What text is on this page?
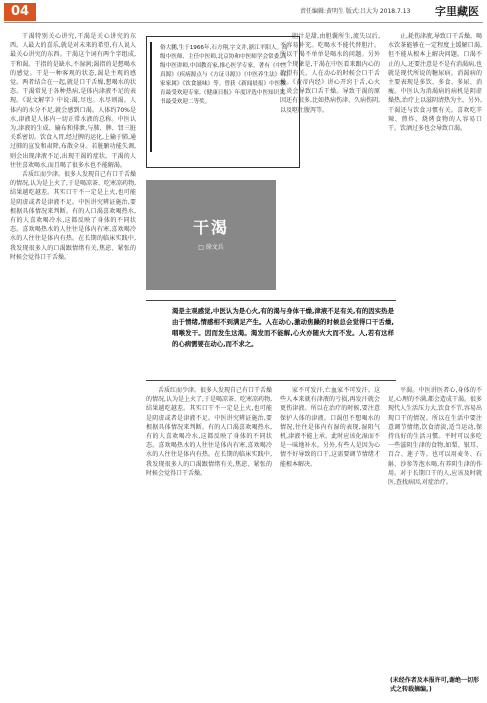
04	责任编辑:黄明生 版式:吕大为 2018.7.13 字里藏医

干渴特别关心讲究,干渴是关心讲究的东西。人最大的喜乐,就是对未来的希望,有人说人最关心讲究的东西。干渴这个词有两个字组成,干和渴。干指的是缺水,不湿润;渴指的是想喝水的感觉。干是一种客观的状态,渴是主观的感觉。两者结合在一起,就是口干舌燥,想喝水的状态。干渴常见于各种热病,是体内津液不足的表现。《说文解字》中说:渴,尽也。水尽则渴。人体内的水分不足,就会感到口渴。人体约70%是水,津液是人体内一切正常水液的总称。中医认为,津液的生成、输布和排泄,与肺、脾、肾三脏关系密切。饮食入胃,经过脾的运化,上输于肺,通过肺的宣发和肃降,布散全身。若脏腑功能失调,则会出现津液不足,出现干渴的症状。干渴的人往往喜欢喝水,而且喝了很多水也不能解渴。

舌质红而少津。很多人发现自己有口干舌燥的情况,认为是上火了,于是喝凉茶、吃寒凉药物,结果越吃越差。其实口干不一定是上火,也可能是阴虚或者是津液不足。中医讲究辨证施治,要根据具体情况来判断。有的人口渴喜欢喝热水,有的人喜欢喝冷水,这都反映了身体的不同状态。喜欢喝热水的人往往是体内有寒,喜欢喝冷水的人往往是体内有热。在长期的临床实践中,我发现很多人的口渴跟情绪有关,焦虑、紧张的时候会觉得口干舌燥。

俗大鹏,生于1966年,石方翔,字文井,浙江平阳人。高级中医师、主任中医师,北京协和中医师学会常委,高级中医讲师,中国教育家,推心医学专家。著有《中医真源》《疾病源点与《方证寻源》》《中医养生法》《百家家属》《饮食滋味》等。曾获《新闻晨报》中医教育最受欢迎专家,《健康日报》年度评选中医知识类书最受欢迎二等奖。
干渴
□ 徐文兵
渴是主观感觉,中医认为是心火,有的渴与身体干燥,津液不足有关,有的因实热是由于情绪,情感相不到满足产生。人在动心,激动焦躁的时候总会觉得口干舌燥,咽喉发干。因而发生这渴。渴发而不能解,心火亦随火大而不发。人,若有这样的心病需要在动心,而不求之。

胆汁是甜,由胆囊所生,流失以后,不容易补充。吃喝水不能代替胆汁。所以干渴不单单是喝水的问题。另外一个现象是,干渴在中医看来跟内心的欲望有关。人在动心的时候会口干舌燥。《黄帝内经》讲心开窍于舌,心火上炎会导致口舌干燥。导致干渴的原因还有很多,比如热病伤津、久病伤阴,以及呕吐腹泻等。

止,耗伤津液,导致口干舌燥。喝水饮茶能够在一定程度上缓解口渴,但不能从根本上解决问题。口渴不止的人,还要注意是不是有消渴病,也就是现代所说的糖尿病。消渴病的主要表现是多饮、多食、多尿、消瘦。中医认为消渴病的病机是阴虚燥热,治疗上以滋阴清热为主。另外,干渴还与饮食习惯有关。喜欢吃辛辣、煎炸、烧烤食物的人容易口干。饮酒过多也会导致口渴。

舌质红而少津。很多人发现自己有口干舌燥的情况,认为是上火了,于是喝凉茶、吃寒凉药物,结果越吃越差。其实口干不一定是上火,也可能是阴虚或者是津液不足。中医讲究辨证施治,要根据具体情况来判断。有的人口渴喜欢喝热水,有的人喜欢喝冷水,这都反映了身体的不同状态。喜欢喝热水的人往往是体内有寒,喜欢喝冷水的人往往是体内有热。在长期的临床实践中,我发现很多人的口渴跟情绪有关,焦虑、紧张的时候会觉得口干舌燥。

家不可发汗,亡血家不可发汗。这些人本来就有津液的亏损,再发汗就会更伤津液。所以在治疗的时候,要注意保护人体的津液。口渴但不想喝水的情况,往往是体内有湿的表现,湿阻气机,津液不能上承。此时应该化湿而不是一味地补水。另外,有些人是因为心情不好导致的口干,这需要调节情绪才能根本解决。

平渴。中医讲医者心,身体的不足,心理的不满,都会造成干渴。很多现代人生活压力大,饮食不节,容易出现口干的情况。所以在生活中要注意调节情绪,饮食清淡,适当运动,保持良好的生活习惯。平时可以多吃一些滋阴生津的食物,如梨、银耳、百合、莲子等。也可以用麦冬、石斛、沙参等泡水喝,有养阴生津的作用。对于长期口干的人,应该及时就医,查找病因,对症治疗。

(未经作者及本报许可,谢绝一切形式之转载摘编。)
